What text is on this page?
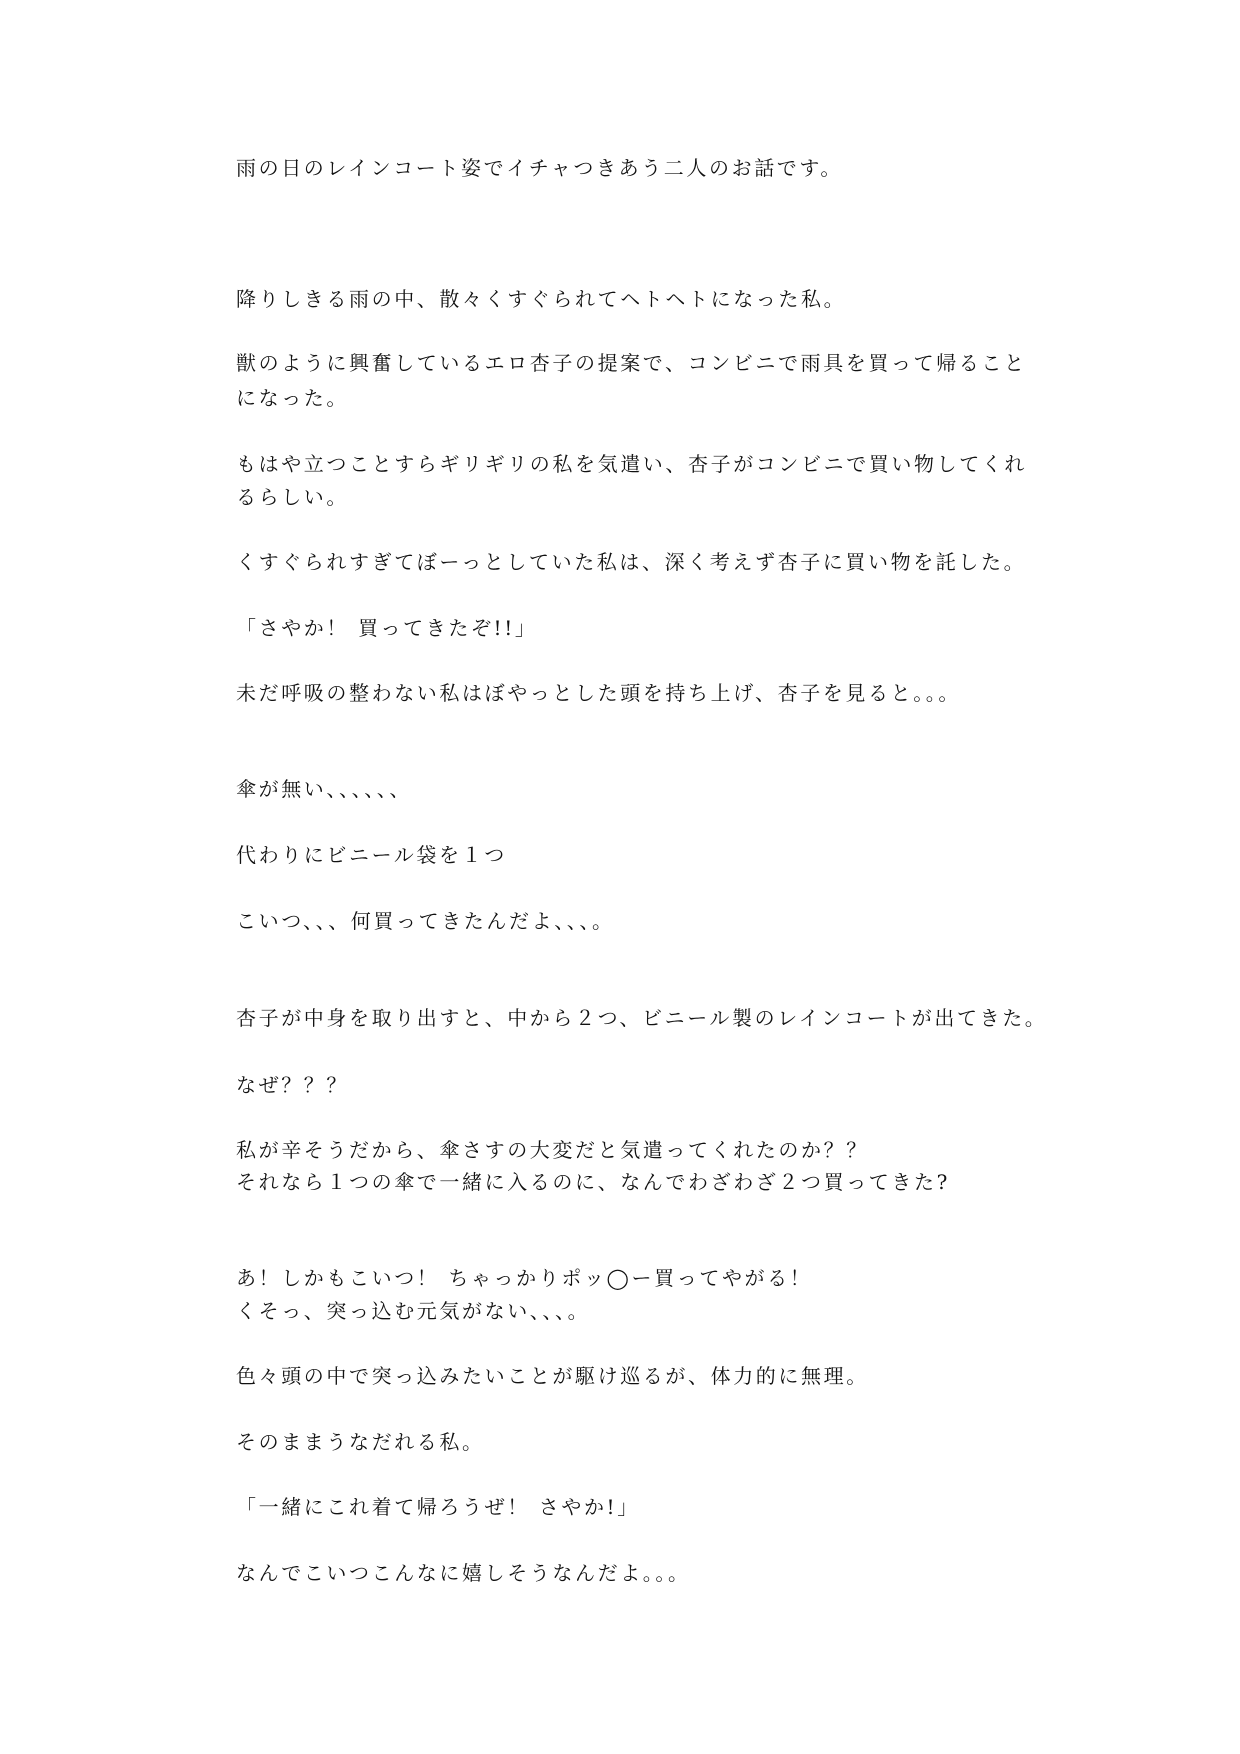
雨の日のレインコート姿でイチャつきあう二人のお話です。

降りしきる雨の中、散々くすぐられてヘトヘトになった私。

獣のように興奮しているエロ杏子の提案で、コンビニで雨具を買って帰ること

になった。

もはや立つことすらギリギリの私を気遣い、杏子がコンビニで買い物してくれ

るらしい。

くすぐられすぎてぼーっとしていた私は、深く考えず杏子に買い物を託した。

「さやか！ 買ってきたぞ!!」

未だ呼吸の整わない私はぼやっとした頭を持ち上げ、杏子を見ると。。。

傘が無い、、、、、、

代わりにビニール袋を１つ

こいつ、、、何買ってきたんだよ、、、。

杏子が中身を取り出すと、中から２つ、ビニール製のレインコートが出てきた。

なぜ？？？

私が辛そうだから、傘さすの大変だと気遣ってくれたのか？？

それなら１つの傘で一緒に入るのに、なんでわざわざ２つ買ってきた?

あ！しかもこいつ！ ちゃっかりポッ◯ー買ってやがる！

くそっ、突っ込む元気がない、、、。

色々頭の中で突っ込みたいことが駆け巡るが、体力的に無理。

そのままうなだれる私。

「一緒にこれ着て帰ろうぜ！ さやか!」

なんでこいつこんなに嬉しそうなんだよ。。。
